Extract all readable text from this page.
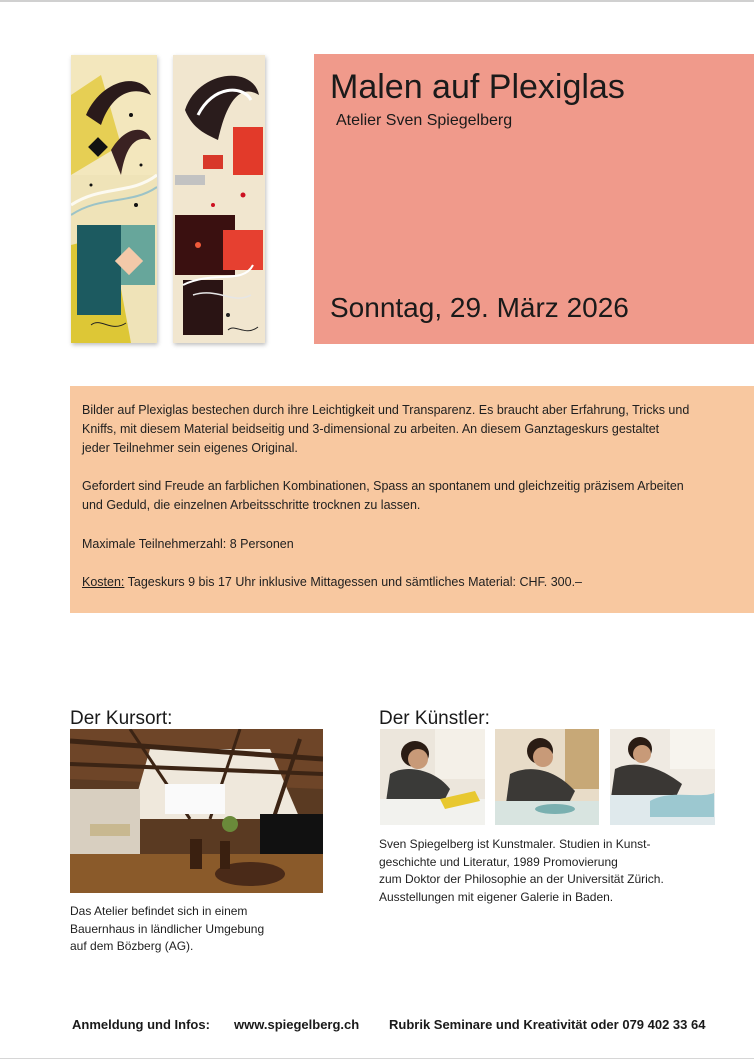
Malen auf Plexiglas
Atelier Sven Spiegelberg
Sonntag, 29. März 2026

Bilder auf Plexiglas bestechen durch ihre Leichtigkeit und Transparenz. Es braucht aber Erfahrung, Tricks und
Kniffs, mit diesem Material beidseitig und 3-dimensional zu arbeiten. An diesem Ganztageskurs gestaltet
jeder Teilnehmer sein eigenes Original.

Gefordert sind Freude an farblichen Kombinationen, Spass an spontanem und gleichzeitig präzisem Arbeiten
und Geduld, die einzelnen Arbeitsschritte trocknen zu lassen.

Maximale Teilnehmerzahl: 8 Personen

Kosten: Tageskurs 9 bis 17 Uhr inklusive Mittagessen und sämtliches Material: CHF. 300.–

Der Kursort:

Das Atelier befindet sich in einem
Bauernhaus in ländlicher Umgebung
auf dem Bözberg (AG).

Der Künstler:

Sven Spiegelberg ist Kunstmaler. Studien in Kunst-
geschichte und Literatur, 1989 Promovierung
zum Doktor der Philosophie an der Universität Zürich.
Ausstellungen mit eigener Galerie in Baden.

Anmeldung und Infos: www.spiegelberg.ch Rubrik Seminare und Kreativität oder 079 402 33 64
